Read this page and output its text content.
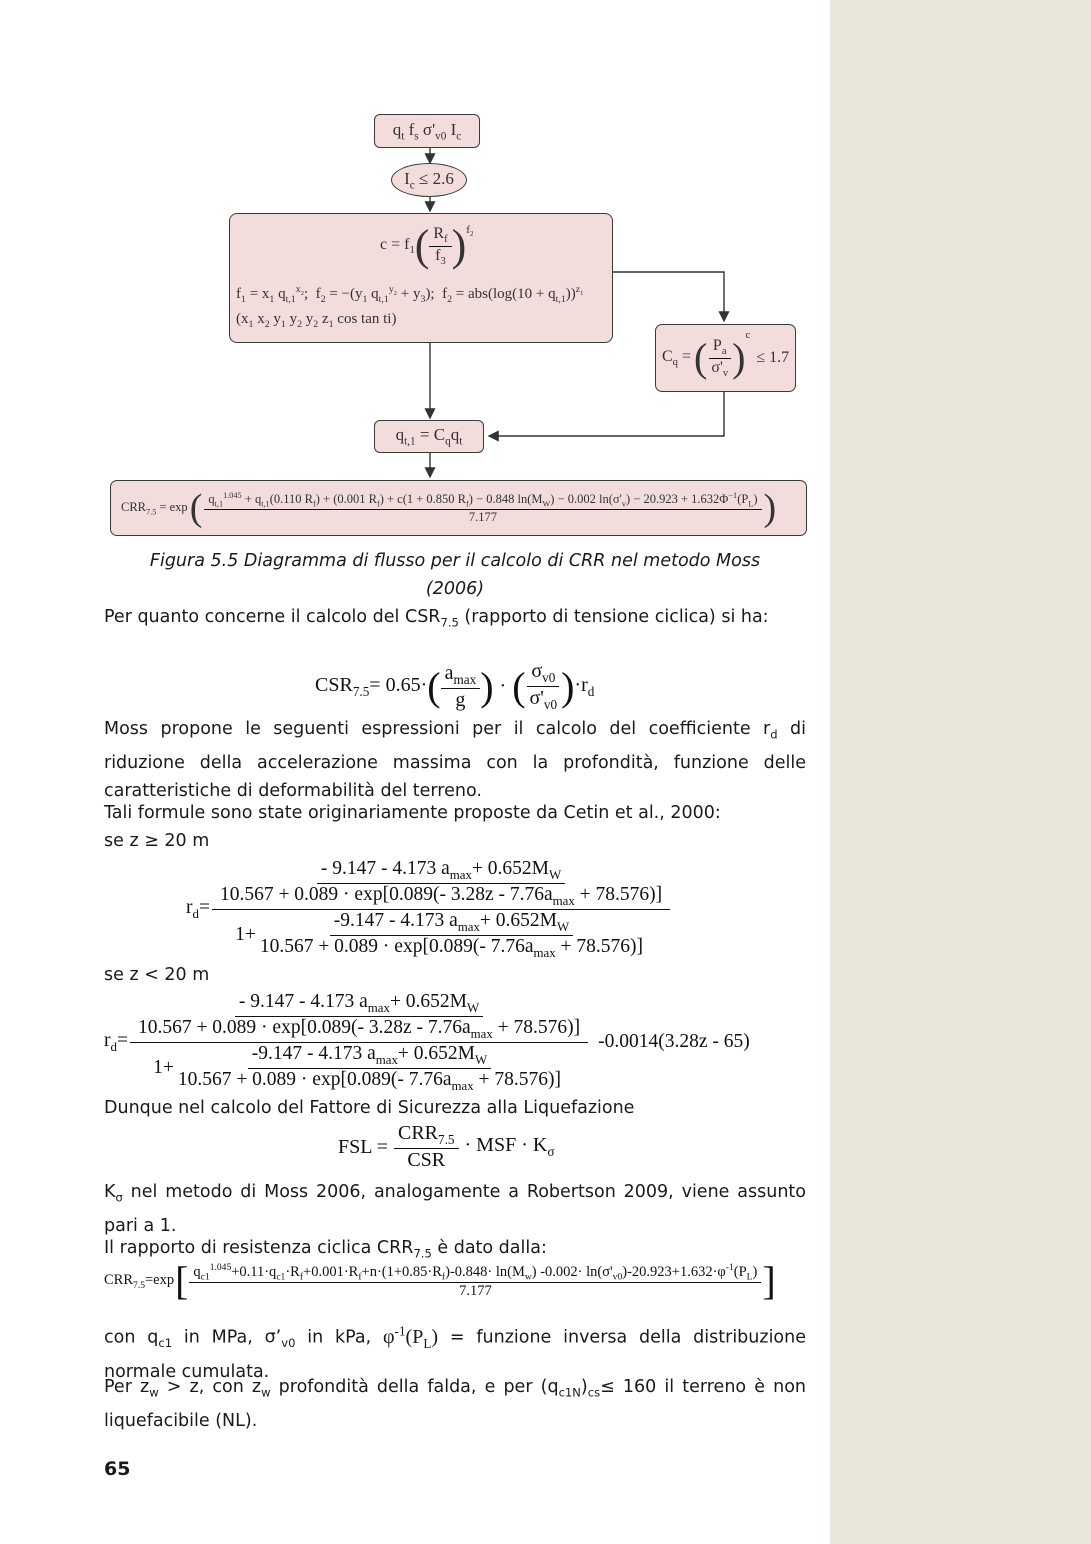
$q_t$ $f_s$ $\sigma'_{v0}$ $I_c$
$I_c \le 2.6$
$c = f_1$ ( $\frac{R_f}{f_3}$ ) $f_2$
$f_1 = x_1$ $q_{t,1}^{x_2}$;  $f_2 = -(y_1$ $q_{t,1}^{y_2} + y_3$);  $f_2 = abs(\log(10 + q_{t,1}))^{z_1}$
($x_1$ $x_2$ $y_1$ $y_2$ $y_2$ $z_1$ cos tan ti)
$C_q$ = ( $\frac{P_a}{\sigma'_v}$ ) c
≤ 1.7
$q_{t,1} = C_qq_t$
$CRR_{7.5} = \exp$ ( $q_{t,1}^{1.045} + q_{t,1}(0.110$ $R_f) + (0.001$ $R_f) + c(1 + 0.850$ $R_f) - 0.848$ $\ln(M_W) - 0.002$ $\ln(\sigma'_v) - 20.923 + 1.632\Phi^{-1}(P_L)$
7.177	)

Figura 5.5 Diagramma di flusso per il calcolo di CRR nel metodo Moss
(2006)

Per quanto concerne il calcolo del $CSR_{7.5}$ (rapporto di tensione ciclica) si ha:

$CSR_{7.5}= 0.65\cdot$ ( $\frac{a_{max}}{g}$ ) · ( $\frac{\sigma_{v0}}{\sigma'_{v0}}$ ) $\cdot r_d$

Moss propone le seguenti espressioni per il calcolo del coefficiente $r_d$ di riduzione della accelerazione massima con la profondità, funzione delle caratteristiche di deformabilità del terreno.

Tali formule sono state originariamente proposte da Cetin et al., 2000:

se z ≥ 20 m

$r_d= \frac{- 9.147 - 4.173 a_{max}+ 0.652M_W}{10.567 + 0.089 \cdot \exp[0.089(- 3.28z - 7.76a_{max} + 78.576)]}$
$1+ \frac{-9.147 - 4.173 a_{max}+ 0.652M_W}{10.567 + 0.089 \cdot \exp[0.089(- 7.76a_{max} + 78.576)]}$

se z < 20 m

$r_d= \frac{- 9.147 - 4.173 a_{max}+ 0.652M_W}{10.567 + 0.089 \cdot \exp[0.089(- 3.28z - 7.76a_{max} + 78.576)]}$
$1+ \frac{-9.147 - 4.173 a_{max}+ 0.652M_W}{10.567 + 0.089 \cdot \exp[0.089(- 7.76a_{max} + 78.576)]}$
-0.0014(3.28z - 65)

Dunque nel calcolo del Fattore di Sicurezza alla Liquefazione

FSL = $\frac{CRR_{7.5}}{\text{CSR}}$ · MSF · $K_\sigma$

$K_\sigma$ nel metodo di Moss 2006, analogamente a Robertson 2009, viene assunto pari a 1.

Il rapporto di resistenza ciclica $CRR_{7.5}$ è dato dalla:

$CRR_{7.5}=\exp$ [ $q_{c1}^{1.045}+0.11\cdot q_{c1}\cdot R_f+0.001\cdot R_f+n\cdot(1+0.85\cdot R_f)-0.848\cdot \ln(M_w)$ $-0.002\cdot \ln(\sigma'_{v0})-20.923+1.632\cdot\varphi^{-1}(P_L)$
7.177	]

con $q_{c1}$ in MPa, $\sigma’_{v0}$ in kPa, $\varphi^{-1}(P_L)$ = funzione inversa della distribuzione normale cumulata.

Per $z_w > z$, con $z_w$ profondità della falda, e per $(q_{c1N})_{cs}\le 160$ il terreno è non liquefacibile (NL).

65
